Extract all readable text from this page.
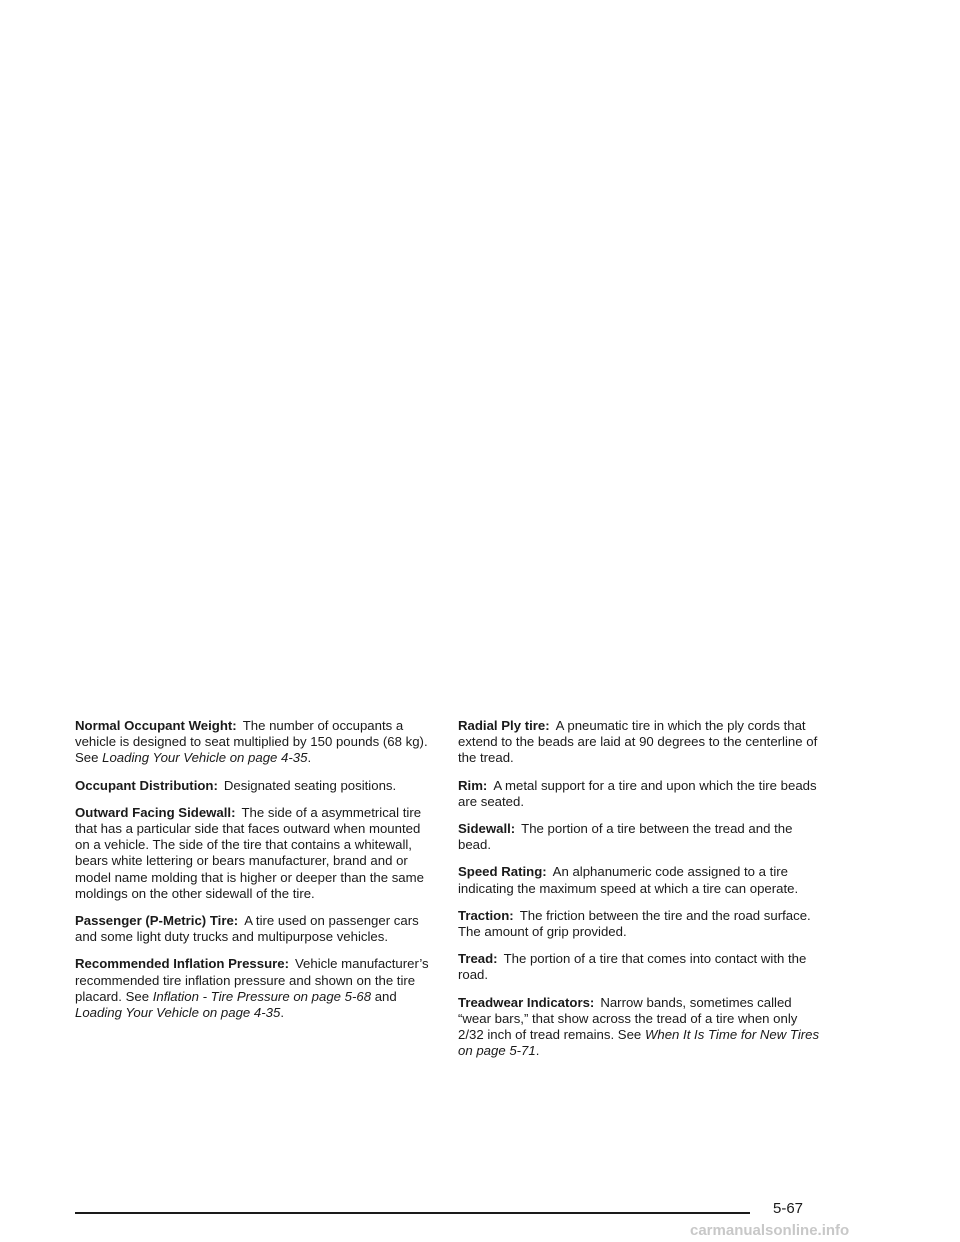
Normal Occupant Weight: The number of occupants a vehicle is designed to seat multiplied by 150 pounds (68 kg). See Loading Your Vehicle on page 4-35.

Occupant Distribution: Designated seating positions.

Outward Facing Sidewall: The side of a asymmetrical tire that has a particular side that faces outward when mounted on a vehicle. The side of the tire that contains a whitewall, bears white lettering or bears manufacturer, brand and or model name molding that is higher or deeper than the same moldings on the other sidewall of the tire.

Passenger (P-Metric) Tire: A tire used on passenger cars and some light duty trucks and multipurpose vehicles.

Recommended Inflation Pressure: Vehicle manufacturer’s recommended tire inflation pressure and shown on the tire placard. See Inflation - Tire Pressure on page 5-68 and Loading Your Vehicle on page 4-35.

Radial Ply tire: A pneumatic tire in which the ply cords that extend to the beads are laid at 90 degrees to the centerline of the tread.

Rim: A metal support for a tire and upon which the tire beads are seated.

Sidewall: The portion of a tire between the tread and the bead.

Speed Rating: An alphanumeric code assigned to a tire indicating the maximum speed at which a tire can operate.

Traction: The friction between the tire and the road surface. The amount of grip provided.

Tread: The portion of a tire that comes into contact with the road.

Treadwear Indicators: Narrow bands, sometimes called “wear bars,” that show across the tread of a tire when only 2/32 inch of tread remains. See When It Is Time for New Tires on page 5-71.

5-67
carmanualsonline.info
